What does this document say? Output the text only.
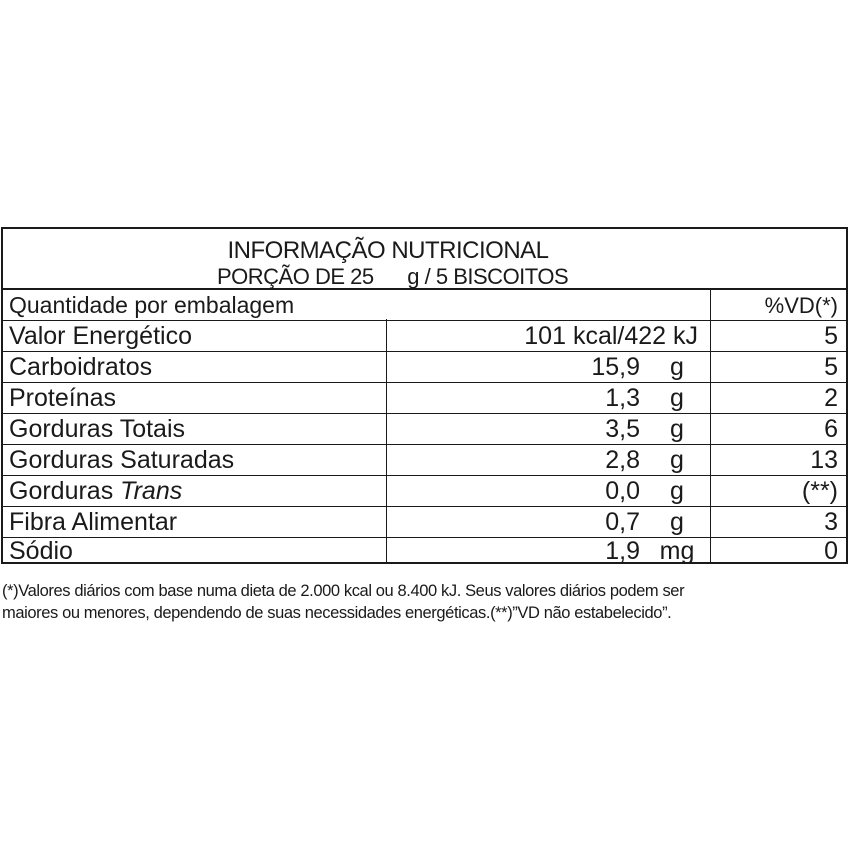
INFORMAÇÃO NUTRICIONAL
PORÇÃO DE 25 g / 5 BISCOITOS
Quantidade por embalagem	%VD(*)
Valor Energético	101 kcal/422 kJ	5
Carboidratos	15,9	g	5
Proteínas	1,3	g	2
Gorduras Totais	3,5	g	6
Gorduras Saturadas	2,8	g	13
Gorduras Trans	0,0	g	(**)
Fibra Alimentar	0,7	g	3
Sódio	1,9 mg	0
(*)Valores diários com base numa dieta de 2.000 kcal ou 8.400 kJ. Seus valores diários podem ser
maiores ou menores, dependendo de suas necessidades energéticas.(**)”VD não estabelecido”.
